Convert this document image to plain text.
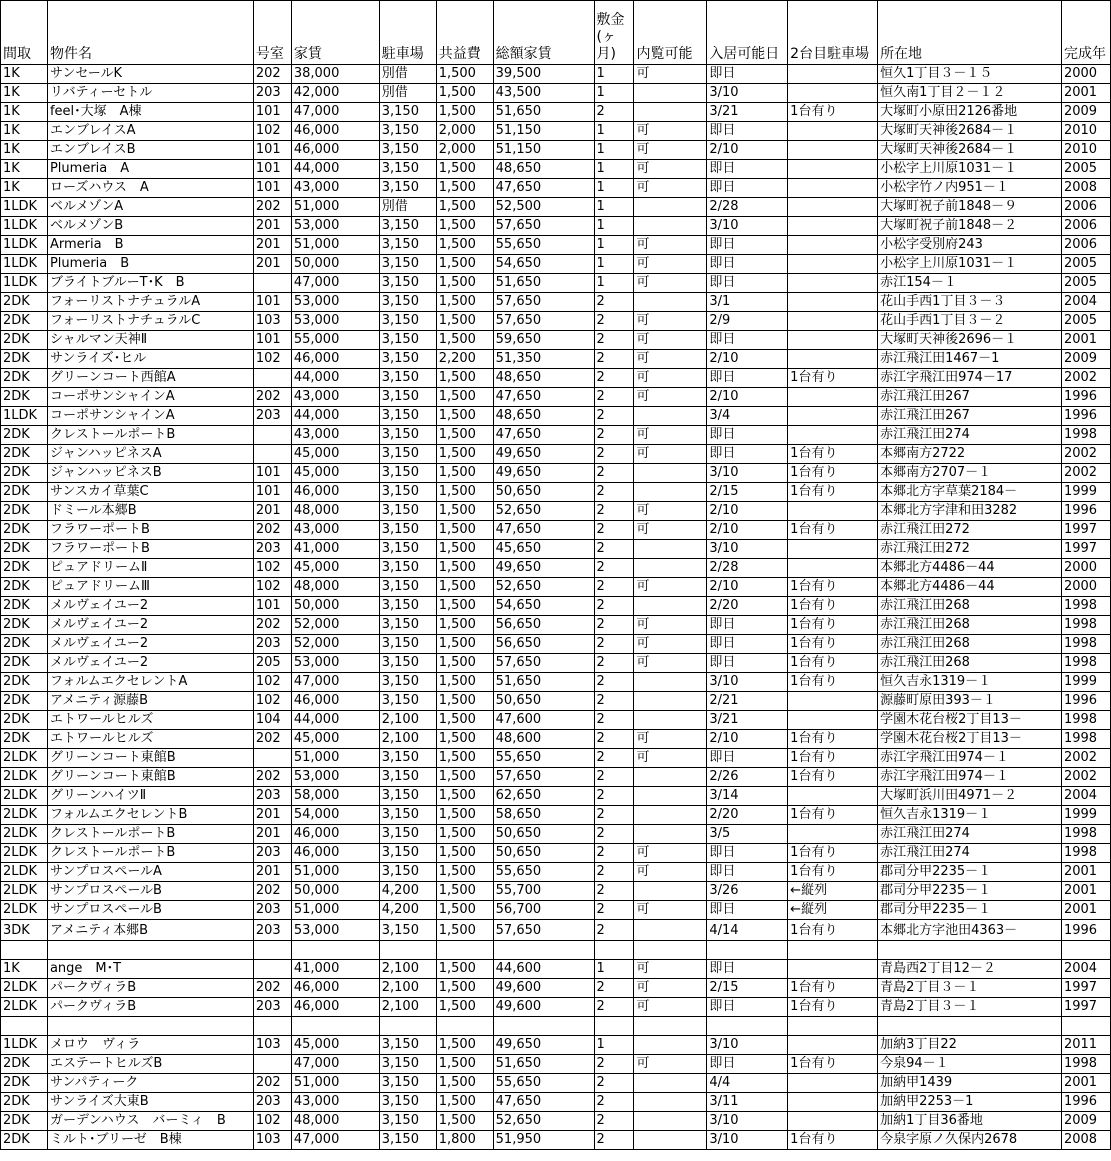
間取	物件名	号室	家賃	駐車場	共益費	総額家賃	敷金(ヶ月)	内覧可能	入居可能日	2台目駐車場	所在地	完成年
1K	サンセールK	202	38,000	別借	1,500	39,500	1	可	即日		恒久1丁目３－１５	2000
1K	リバティーセトル	203	42,000	別借	1,500	43,500	1		3/10		恒久南1丁目２－１２	2001
1K	feel･大塚　A棟	101	47,000	3,150	1,500	51,650	2		3/21	1台有り	大塚町小原田2126番地	2009
1K	エンブレイスA	102	46,000	3,150	2,000	51,150	1	可	即日		大塚町天神後2684－１	2010
1K	エンブレイスB	101	46,000	3,150	2,000	51,150	1	可	2/10		大塚町天神後2684－１	2010
1K	Plumeria　A	101	44,000	3,150	1,500	48,650	1	可	即日		小松字上川原1031－１	2005
1K	ローズハウス　A	101	43,000	3,150	1,500	47,650	1	可	即日		小松字竹ノ内951－１	2008
1LDK	ベルメゾンA	202	51,000	別借	1,500	52,500	1		2/28		大塚町祝子前1848－９	2006
1LDK	ベルメゾンB	201	53,000	3,150	1,500	57,650	1		3/10		大塚町祝子前1848－２	2006
1LDK	Armeria　B	201	51,000	3,150	1,500	55,650	1	可	即日		小松字受別府243	2006
1LDK	Plumeria　B	201	50,000	3,150	1,500	54,650	1	可	即日		小松字上川原1031－１	2005
1LDK	ブライトブルーT･K　B		47,000	3,150	1,500	51,650	1	可	即日		赤江154－１	2005
2DK	フォーリストナチュラルA	101	53,000	3,150	1,500	57,650	2		3/1		花山手西1丁目３－３	2004
2DK	フォーリストナチュラルC	103	53,000	3,150	1,500	57,650	2	可	2/9		花山手西1丁目３－２	2005
2DK	シャルマン天神Ⅱ	101	55,000	3,150	1,500	59,650	2	可	即日		大塚町天神後2696－１	2001
2DK	サンライズ･ヒル	102	46,000	3,150	2,200	51,350	2	可	2/10		赤江飛江田1467－1	2009
2DK	グリーンコート西館A		44,000	3,150	1,500	48,650	2	可	即日	1台有り	赤江字飛江田974－17	2002
2DK	コーポサンシャインA	202	43,000	3,150	1,500	47,650	2	可	2/10		赤江飛江田267	1996
1LDK	コーポサンシャインA	203	44,000	3,150	1,500	48,650	2		3/4		赤江飛江田267	1996
2DK	クレストールポートB		43,000	3,150	1,500	47,650	2	可	即日		赤江飛江田274	1998
2DK	ジャンハッピネスA		45,000	3,150	1,500	49,650	2	可	即日	1台有り	本郷南方2722	2002
2DK	ジャンハッピネスB	101	45,000	3,150	1,500	49,650	2		3/10	1台有り	本郷南方2707－１	2002
2DK	サンスカイ草葉C	101	46,000	3,150	1,500	50,650	2		2/15	1台有り	本郷北方字草葉2184－	1999
2DK	ドミール本郷B	201	48,000	3,150	1,500	52,650	2	可	2/10		本郷北方字津和田3282	1996
2DK	フラワーポートB	202	43,000	3,150	1,500	47,650	2	可	2/10	1台有り	赤江飛江田272	1997
2DK	フラワーポートB	203	41,000	3,150	1,500	45,650	2		3/10		赤江飛江田272	1997
2DK	ピュアドリームⅡ	102	45,000	3,150	1,500	49,650	2		2/28		本郷北方4486－44	2000
2DK	ピュアドリームⅢ	102	48,000	3,150	1,500	52,650	2	可	2/10	1台有り	本郷北方4486－44	2000
2DK	メルヴェイユー2	101	50,000	3,150	1,500	54,650	2		2/20	1台有り	赤江飛江田268	1998
2DK	メルヴェイユー2	202	52,000	3,150	1,500	56,650	2	可	即日	1台有り	赤江飛江田268	1998
2DK	メルヴェイユー2	203	52,000	3,150	1,500	56,650	2	可	即日	1台有り	赤江飛江田268	1998
2DK	メルヴェイユー2	205	53,000	3,150	1,500	57,650	2	可	即日	1台有り	赤江飛江田268	1998
2DK	フォルムエクセレントA	102	47,000	3,150	1,500	51,650	2		3/10	1台有り	恒久吉永1319－１	1999
2DK	アメニティ源藤B	102	46,000	3,150	1,500	50,650	2		2/21		源藤町原田393－１	1996
2DK	エトワールヒルズ	104	44,000	2,100	1,500	47,600	2		3/21		学園木花台桜2丁目13－	1998
2DK	エトワールヒルズ	202	45,000	2,100	1,500	48,600	2	可	2/10	1台有り	学園木花台桜2丁目13－	1998
2LDK	グリーンコート東館B		51,000	3,150	1,500	55,650	2	可	即日	1台有り	赤江字飛江田974－１	2002
2LDK	グリーンコート東館B	202	53,000	3,150	1,500	57,650	2		2/26	1台有り	赤江字飛江田974－１	2002
2LDK	グリーンハイツⅡ	203	58,000	3,150	1,500	62,650	2		3/14		大塚町浜川田4971－２	2004
2LDK	フォルムエクセレントB	201	54,000	3,150	1,500	58,650	2		2/20	1台有り	恒久吉永1319－１	1999
2LDK	クレストールポートB	201	46,000	3,150	1,500	50,650	2		3/5		赤江飛江田274	1998
2LDK	クレストールポートB	203	46,000	3,150	1,500	50,650	2	可	即日	1台有り	赤江飛江田274	1998
2LDK	サンプロスペールA	201	51,000	3,150	1,500	55,650	2	可	即日	1台有り	郡司分甲2235－１	2001
2LDK	サンプロスペールB	202	50,000	4,200	1,500	55,700	2		3/26	←縦列	郡司分甲2235－１	2001
2LDK	サンプロスペールB	203	51,000	4,200	1,500	56,700	2	可	即日	←縦列	郡司分甲2235－１	2001
3DK	アメニティ本郷B	203	53,000	3,150	1,500	57,650	2		4/14	1台有り	本郷北方字池田4363－	1996

1K	ange　M･T		41,000	2,100	1,500	44,600	1	可	即日		青島西2丁目12－２	2004
2LDK	パークヴィラB	202	46,000	2,100	1,500	49,600	2	可	2/15	1台有り	青島2丁目３－１	1997
2LDK	パークヴィラB	203	46,000	2,100	1,500	49,600	2	可	即日	1台有り	青島2丁目３－１	1997

1LDK	メロウ　ヴィラ	103	45,000	3,150	1,500	49,650	1		3/10		加納3丁目22	2011
2DK	エステートヒルズB		47,000	3,150	1,500	51,650	2	可	即日	1台有り	今泉94－１	1998
2DK	サンパティーク	202	51,000	3,150	1,500	55,650	2		4/4		加納甲1439	2001
2DK	サンライズ大東B	203	43,000	3,150	1,500	47,650	2		3/11		加納甲2253－1	1996
2DK	ガーデンハウス　バーミィ　B	102	48,000	3,150	1,500	52,650	2		3/10		加納1丁目36番地	2009
2DK	ミルト･ブリーゼ　B棟	103	47,000	3,150	1,800	51,950	2		3/10	1台有り	今泉字原ノ久保内2678	2008
